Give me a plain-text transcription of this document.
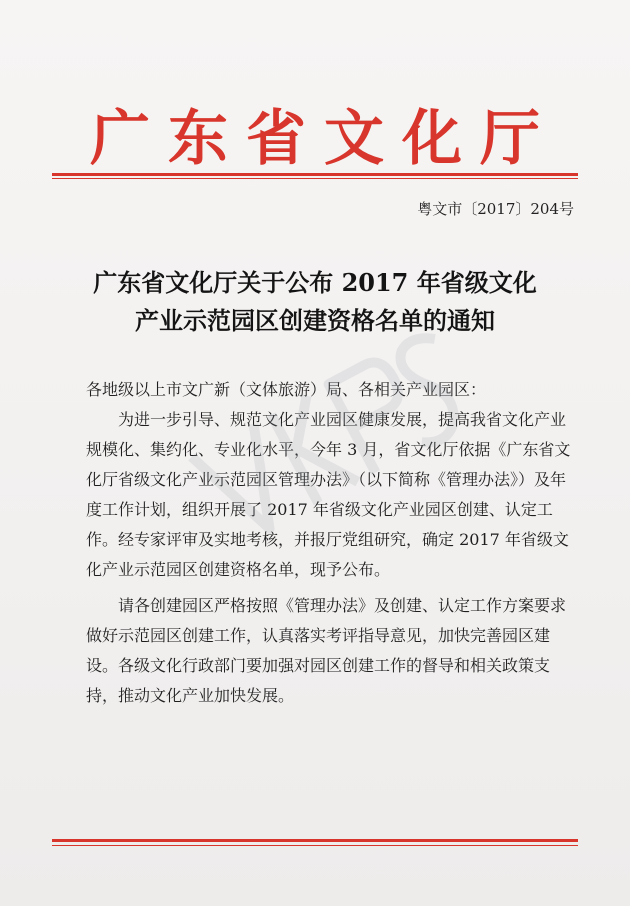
广东省文化厅
粤文市〔2017〕204号
广东省文化厅关于公布 2017 年省级文化
产业示范园区创建资格名单的通知
各地级以上市文广新（文体旅游）局、各相关产业园区：
为进一步引导、规范文化产业园区健康发展，提高我省文化产业规模化、集约化、专业化水平，今年 3 月，省文化厅依据《广东省文化厅省级文化产业示范园区管理办法》（以下简称《管理办法》）及年度工作计划，组织开展了 2017 年省级文化产业园区创建、认定工作。经专家评审及实地考核，并报厅党组研究，确定 2017 年省级文化产业示范园区创建资格名单，现予公布。
请各创建园区严格按照《管理办法》及创建、认定工作方案要求做好示范园区创建工作，认真落实考评指导意见，加快完善园区建设。各级文化行政部门要加强对园区创建工作的督导和相关政策支持，推动文化产业加快发展。
